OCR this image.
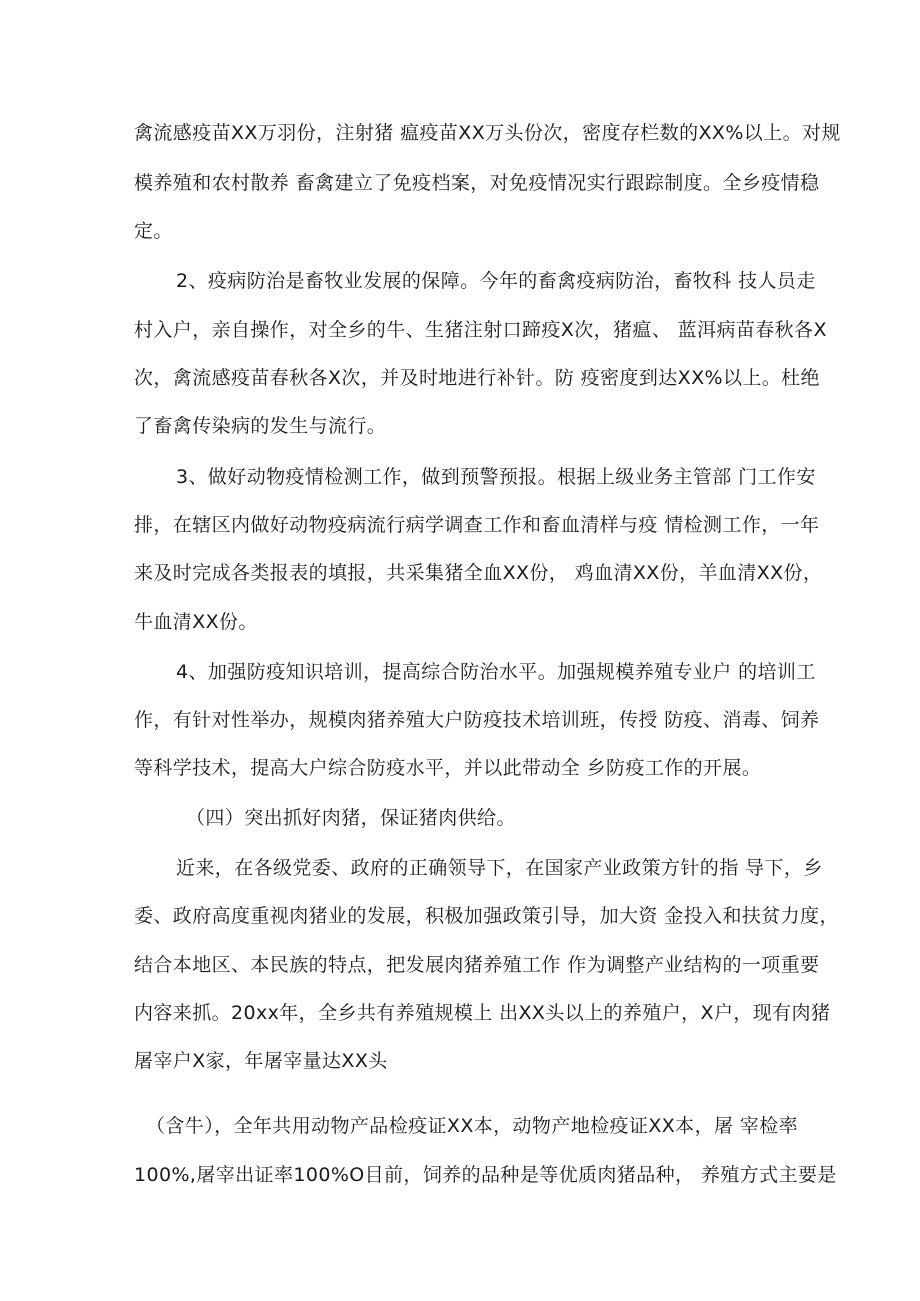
禽流感疫苗XX万羽份，注射猪 瘟疫苗XX万头份次，密度存栏数的XX%以上。对规
模养殖和农村散养 畜禽建立了免疫档案，对免疫情况实行跟踪制度。全乡疫情稳
定。
2、疫病防治是畜牧业发展的保障。今年的畜禽疫病防治，畜牧科 技人员走
村入户，亲自操作，对全乡的牛、生猪注射口蹄疫X次，猪瘟、 蓝洱病苗春秋各X
次，禽流感疫苗春秋各X次，并及时地进行补针。防 疫密度到达XX%以上。杜绝
了畜禽传染病的发生与流行。
3、做好动物疫情检测工作，做到预警预报。根据上级业务主管部 门工作安
排，在辖区内做好动物疫病流行病学调查工作和畜血清样与疫 情检测工作，一年
来及时完成各类报表的填报，共采集猪全血XX份， 鸡血清XX份，羊血清XX份，
牛血清XX份。
4、加强防疫知识培训，提高综合防治水平。加强规模养殖专业户 的培训工
作，有针对性举办，规模肉猪养殖大户防疫技术培训班，传授 防疫、消毒、饲养
等科学技术，提高大户综合防疫水平，并以此带动全 乡防疫工作的开展。
（四）突出抓好肉猪，保证猪肉供给。
近来，在各级党委、政府的正确领导下，在国家产业政策方针的指 导下，乡
委、政府高度重视肉猪业的发展，积极加强政策引导，加大资 金投入和扶贫力度，
结合本地区、本民族的特点，把发展肉猪养殖工作 作为调整产业结构的一项重要
内容来抓。20xx年，全乡共有养殖规模上 出XX头以上的养殖户，X户，现有肉猪
屠宰户X家，年屠宰量达XX头
（含牛），全年共用动物产品检疫证XX本，动物产地检疫证XX本，屠 宰检率
100%,屠宰出证率100%O目前，饲养的品种是等优质肉猪品种， 养殖方式主要是
